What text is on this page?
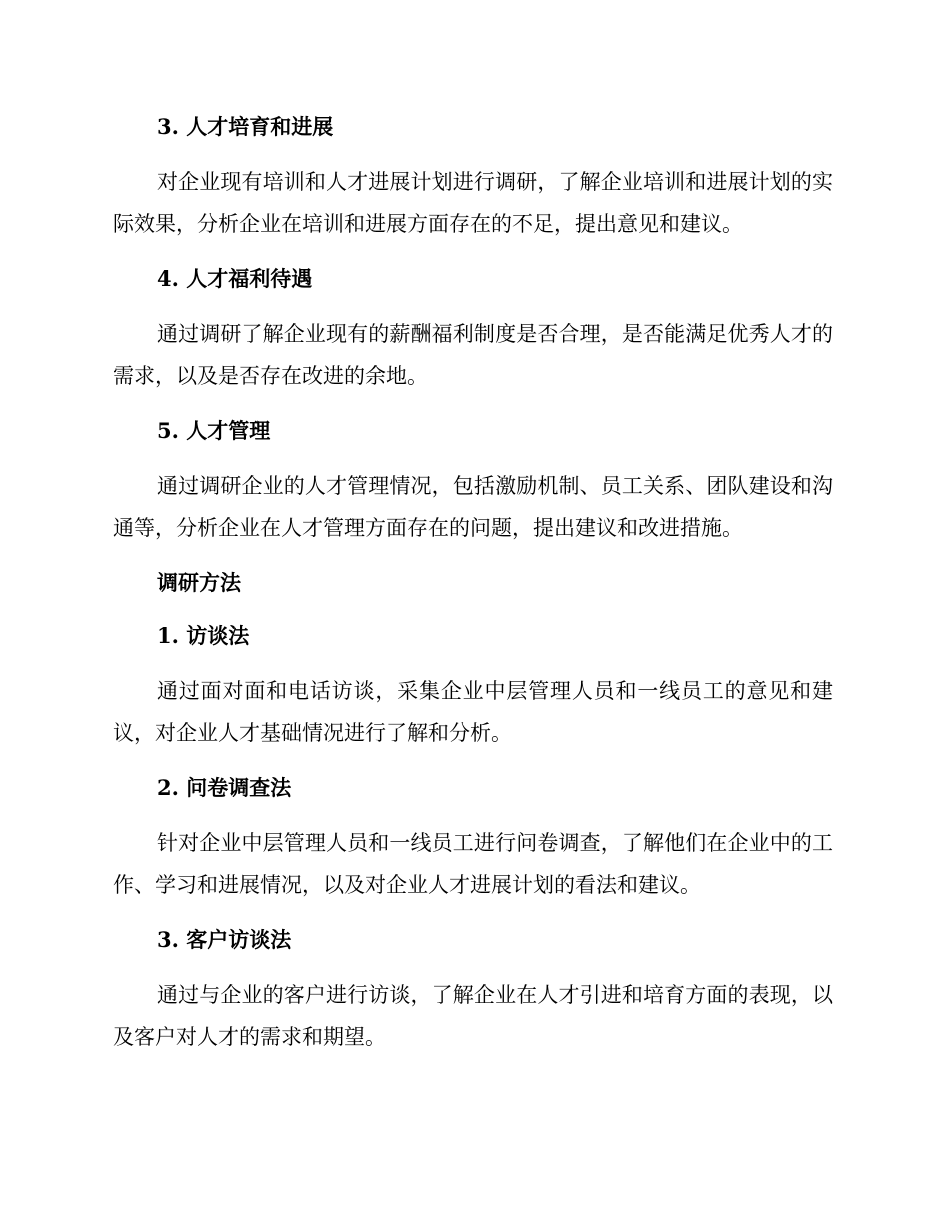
3. 人才培育和进展
对企业现有培训和人才进展计划进行调研，了解企业培训和进展计划的实际效果，分析企业在培训和进展方面存在的不足，提出意见和建议。
4. 人才福利待遇
通过调研了解企业现有的薪酬福利制度是否合理，是否能满足优秀人才的需求，以及是否存在改进的余地。
5. 人才管理
通过调研企业的人才管理情况，包括激励机制、员工关系、团队建设和沟通等，分析企业在人才管理方面存在的问题，提出建议和改进措施。
调研方法
1. 访谈法
通过面对面和电话访谈，采集企业中层管理人员和一线员工的意见和建议，对企业人才基础情况进行了解和分析。
2. 问卷调查法
针对企业中层管理人员和一线员工进行问卷调查，了解他们在企业中的工作、学习和进展情况，以及对企业人才进展计划的看法和建议。
3. 客户访谈法
通过与企业的客户进行访谈，了解企业在人才引进和培育方面的表现，以及客户对人才的需求和期望。
